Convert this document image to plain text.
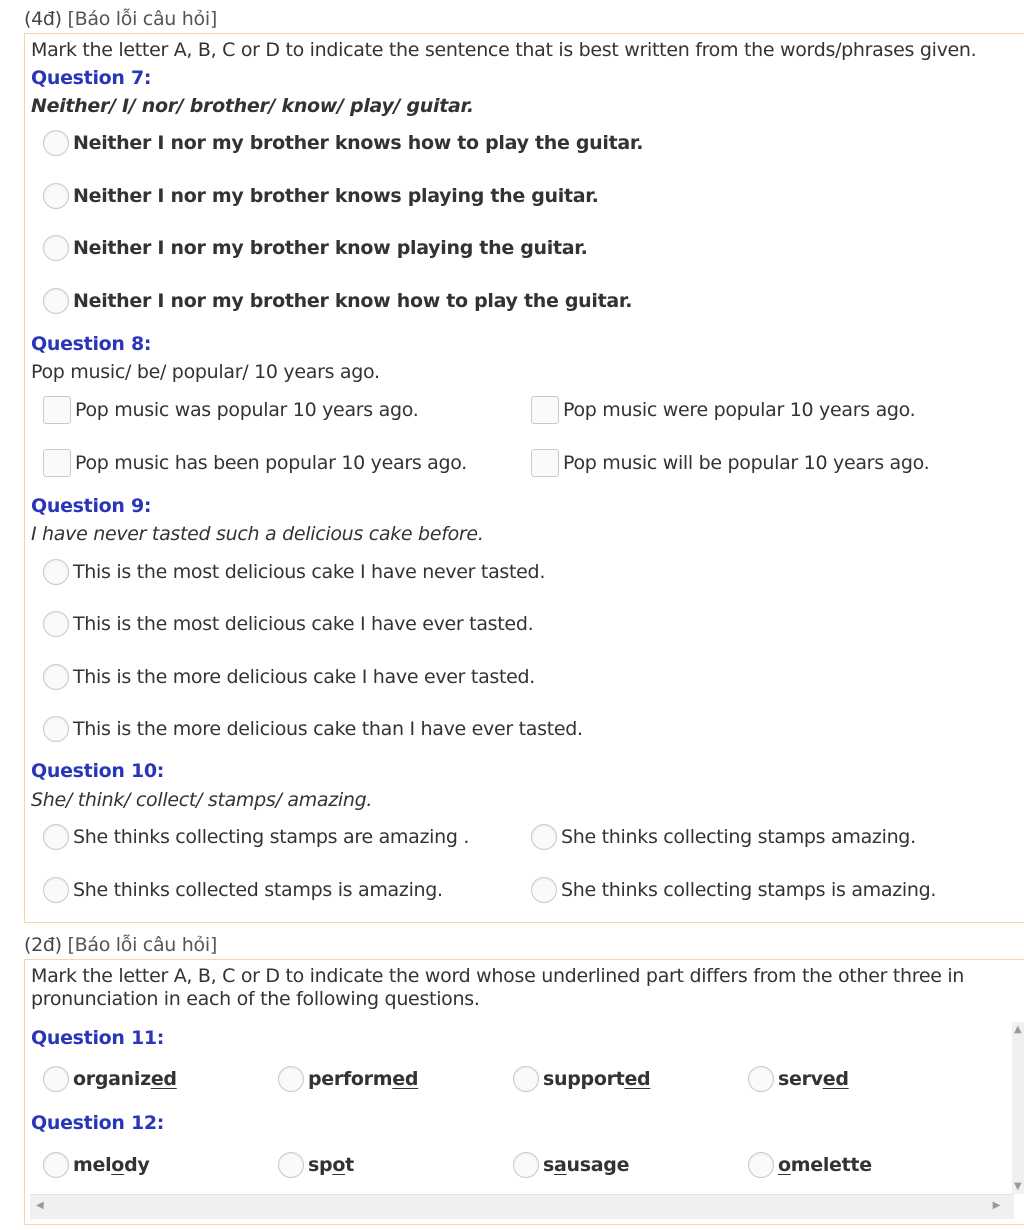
(4đ) [Báo lỗi câu hỏi]
Mark the letter A, B, C or D to indicate the sentence that is best written from the words/phrases given.
Question 7:
Neither/ I/ nor/ brother/ know/ play/ guitar.
Neither I nor my brother knows how to play the guitar.
Neither I nor my brother knows playing the guitar.
Neither I nor my brother know playing the guitar.
Neither I nor my brother know how to play the guitar.
Question 8:
Pop music/ be/ popular/ 10 years ago.
Pop music was popular 10 years ago.	Pop music were popular 10 years ago.
Pop music has been popular 10 years ago.	Pop music will be popular 10 years ago.
Question 9:
I have never tasted such a delicious cake before.
This is the most delicious cake I have never tasted.
This is the most delicious cake I have ever tasted.
This is the more delicious cake I have ever tasted.
This is the more delicious cake than I have ever tasted.
Question 10:
She/ think/ collect/ stamps/ amazing.
She thinks collecting stamps are amazing .	She thinks collecting stamps amazing.
She thinks collected stamps is amazing.	She thinks collecting stamps is amazing.
(2đ) [Báo lỗi câu hỏi]
Mark the letter A, B, C or D to indicate the word whose underlined part differs from the other three in
pronunciation in each of the following questions.
Question 11:
organized	performed	supported	served
Question 12:
melody	spot	sausage	omelette
▲
▼
◀	▶
